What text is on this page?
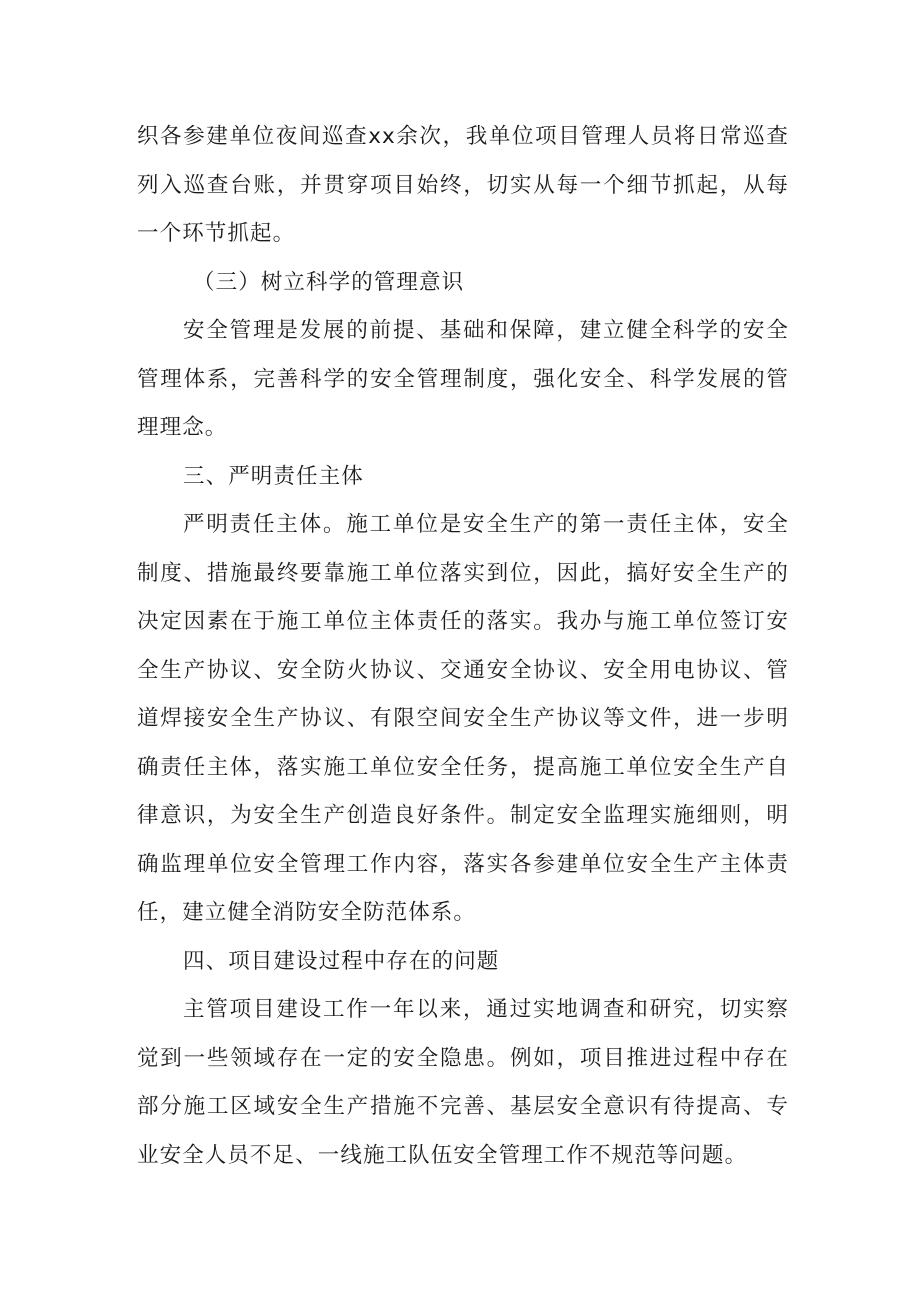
织各参建单位夜间巡查xx余次，我单位项目管理人员将日常巡查列入巡查台账，并贯穿项目始终，切实从每一个细节抓起，从每一个环节抓起。

（三）树立科学的管理意识

安全管理是发展的前提、基础和保障，建立健全科学的安全管理体系，完善科学的安全管理制度，强化安全、科学发展的管理理念。

三、严明责任主体

严明责任主体。施工单位是安全生产的第一责任主体，安全制度、措施最终要靠施工单位落实到位，因此，搞好安全生产的决定因素在于施工单位主体责任的落实。我办与施工单位签订安全生产协议、安全防火协议、交通安全协议、安全用电协议、管道焊接安全生产协议、有限空间安全生产协议等文件，进一步明确责任主体，落实施工单位安全任务，提高施工单位安全生产自律意识，为安全生产创造良好条件。制定安全监理实施细则，明确监理单位安全管理工作内容，落实各参建单位安全生产主体责任，建立健全消防安全防范体系。

四、项目建设过程中存在的问题

主管项目建设工作一年以来，通过实地调查和研究，切实察觉到一些领域存在一定的安全隐患。例如，项目推进过程中存在部分施工区域安全生产措施不完善、基层安全意识有待提高、专业安全人员不足、一线施工队伍安全管理工作不规范等问题。
